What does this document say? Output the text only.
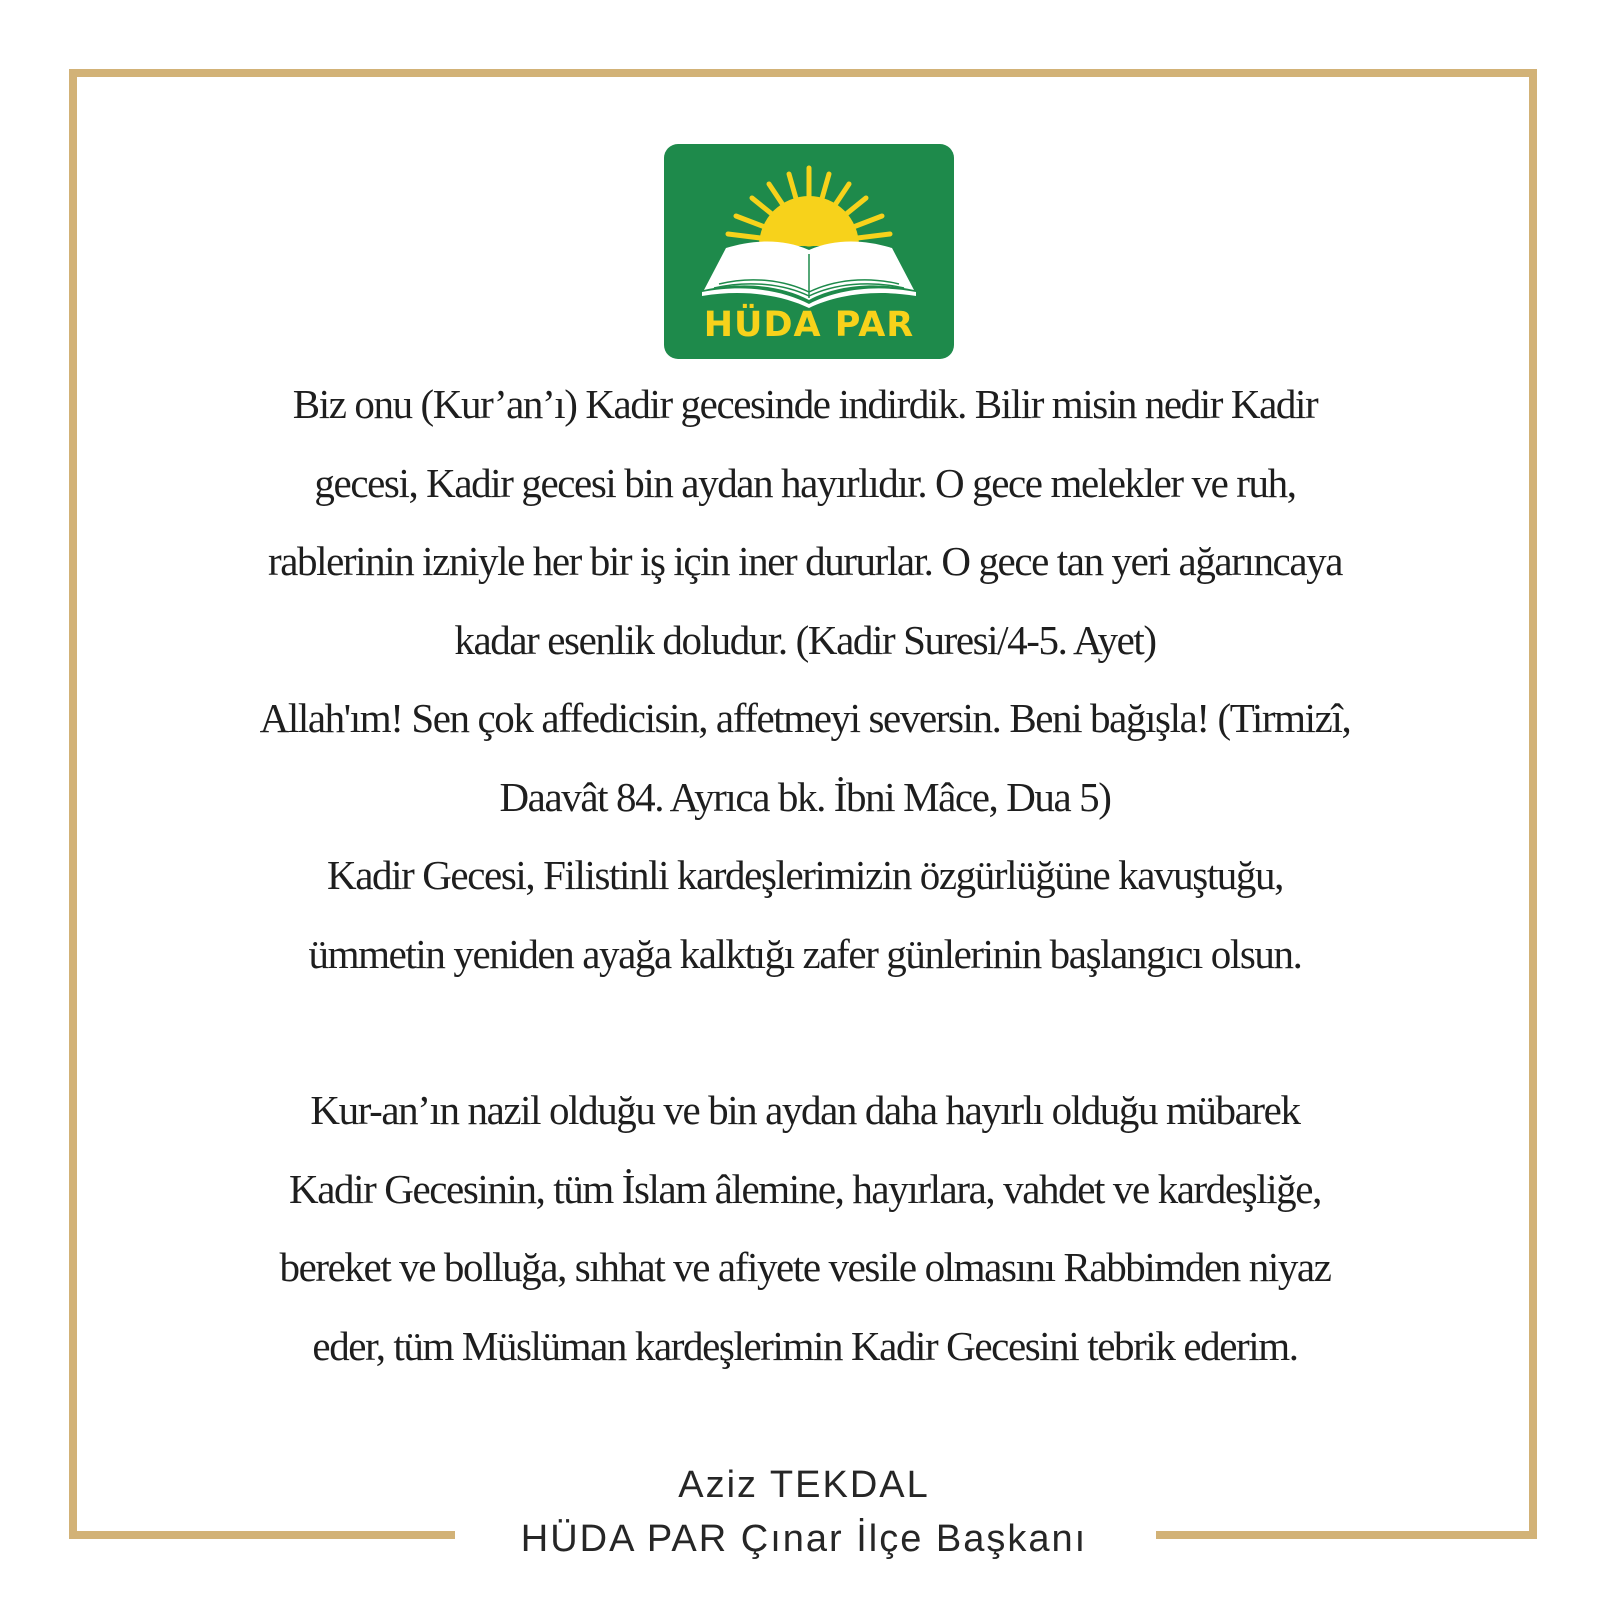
HÜDA PAR

Biz onu (Kur’an’ı) Kadir gecesinde indirdik. Bilir misin nedir Kadir

gecesi, Kadir gecesi bin aydan hayırlıdır. O gece melekler ve ruh,

rablerinin izniyle her bir iş için iner dururlar. O gece tan yeri ağarıncaya

kadar esenlik doludur. (Kadir Suresi/4-5. Ayet)

Allah'ım! Sen çok affedicisin, affetmeyi seversin. Beni bağışla! (Tirmizî,

Daavât 84. Ayrıca bk. İbni Mâce, Dua 5)

Kadir Gecesi, Filistinli kardeşlerimizin özgürlüğüne kavuştuğu,

ümmetin yeniden ayağa kalktığı zafer günlerinin başlangıcı olsun.

Kur-an’ın nazil olduğu ve bin aydan daha hayırlı olduğu mübarek

Kadir Gecesinin, tüm İslam âlemine, hayırlara, vahdet ve kardeşliğe,

bereket ve bolluğa, sıhhat ve afiyete vesile olmasını Rabbimden niyaz

eder, tüm Müslüman kardeşlerimin Kadir Gecesini tebrik ederim.

Aziz TEKDAL
HÜDA PAR Çınar İlçe Başkanı
